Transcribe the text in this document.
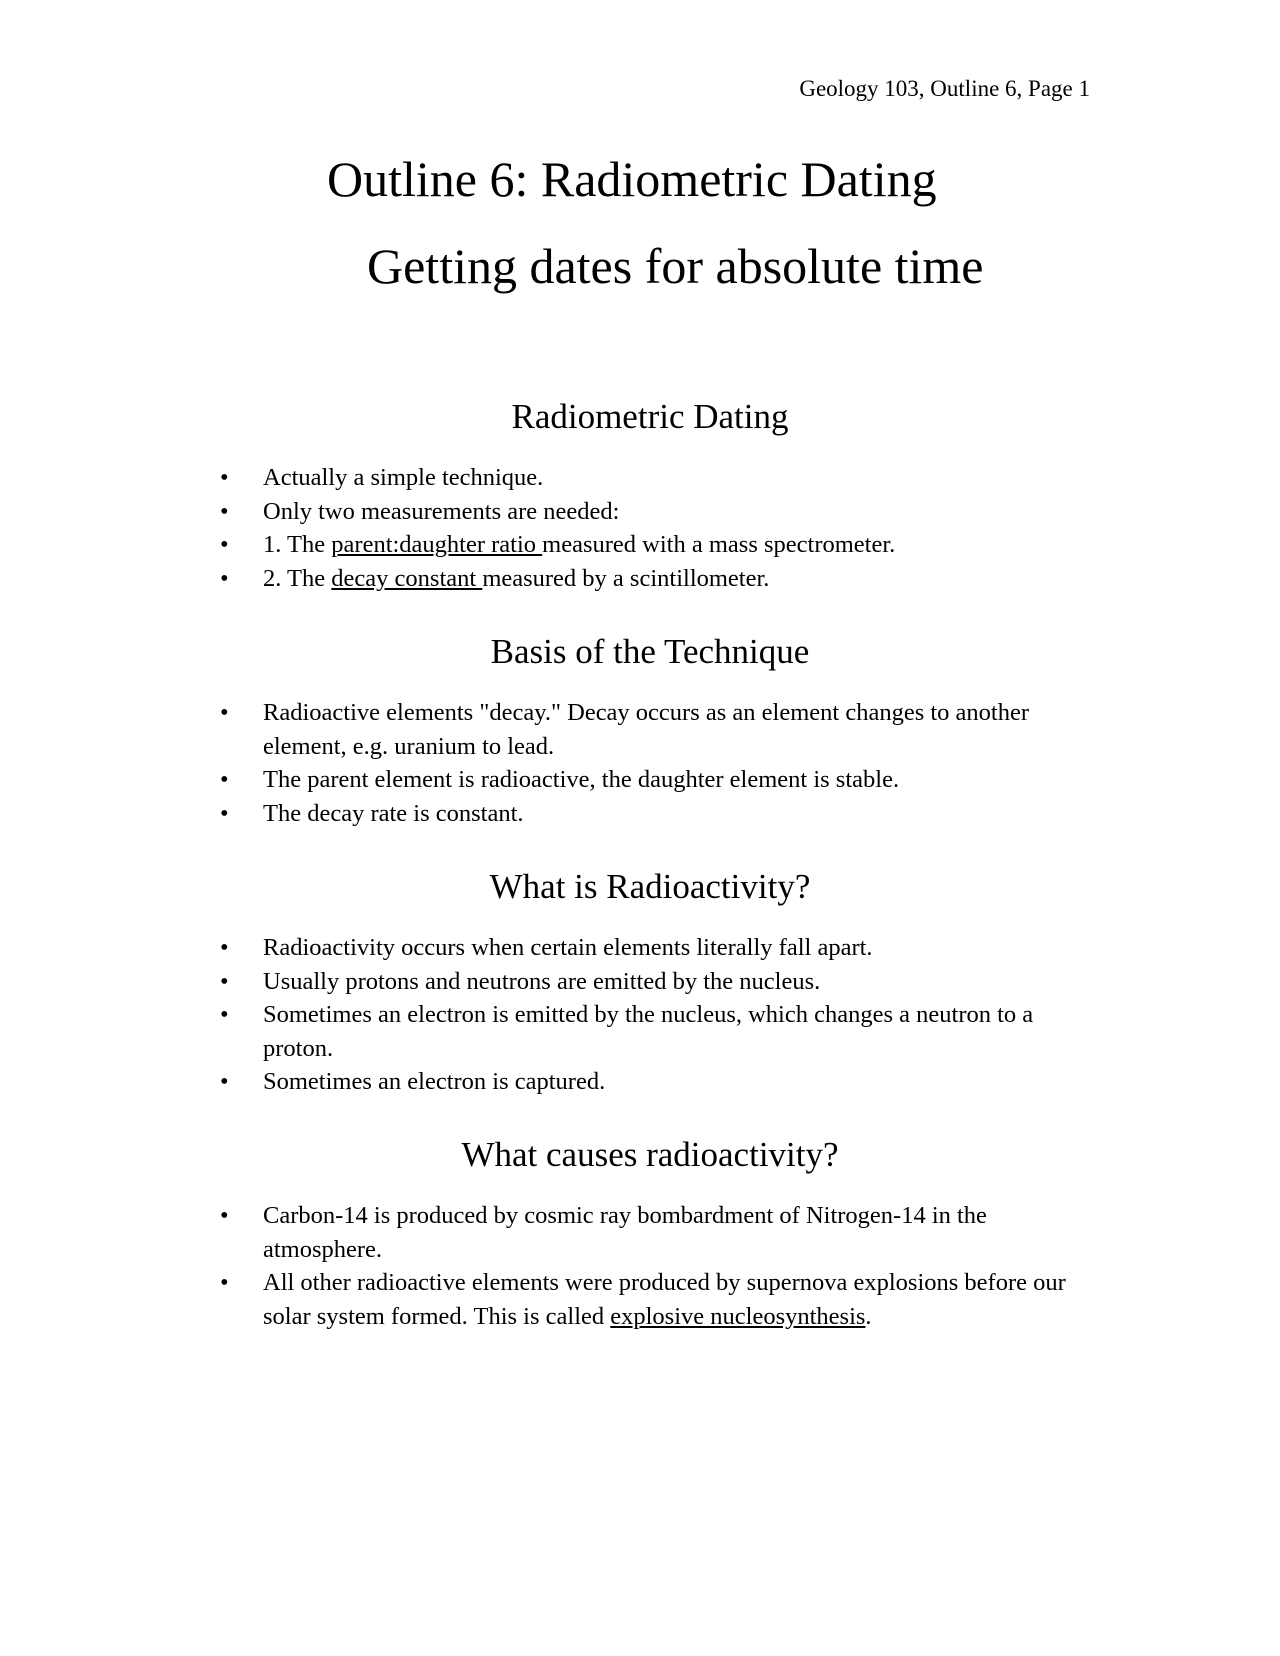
Geology 103, Outline 6, Page 1
Outline 6: Radiometric Dating
Getting dates for absolute time
Radiometric Dating
•	Actually a simple technique.
•	Only two measurements are needed:
•	1. The parent:daughter ratio measured with a mass spectrometer.
•	2. The decay constant measured by a scintillometer.
Basis of the Technique
•	Radioactive elements "decay." Decay occurs as an element changes to another element, e.g. uranium to lead.
•	The parent element is radioactive, the daughter element is stable.
•	The decay rate is constant.
What is Radioactivity?
•	Radioactivity occurs when certain elements literally fall apart.
•	Usually protons and neutrons are emitted by the nucleus.
•	Sometimes an electron is emitted by the nucleus, which changes a neutron to a proton.
•	Sometimes an electron is captured.
What causes radioactivity?
•	Carbon-14 is produced by cosmic ray bombardment of Nitrogen-14 in the atmosphere.
•	All other radioactive elements were produced by supernova explosions before our solar system formed. This is called explosive nucleosynthesis.
